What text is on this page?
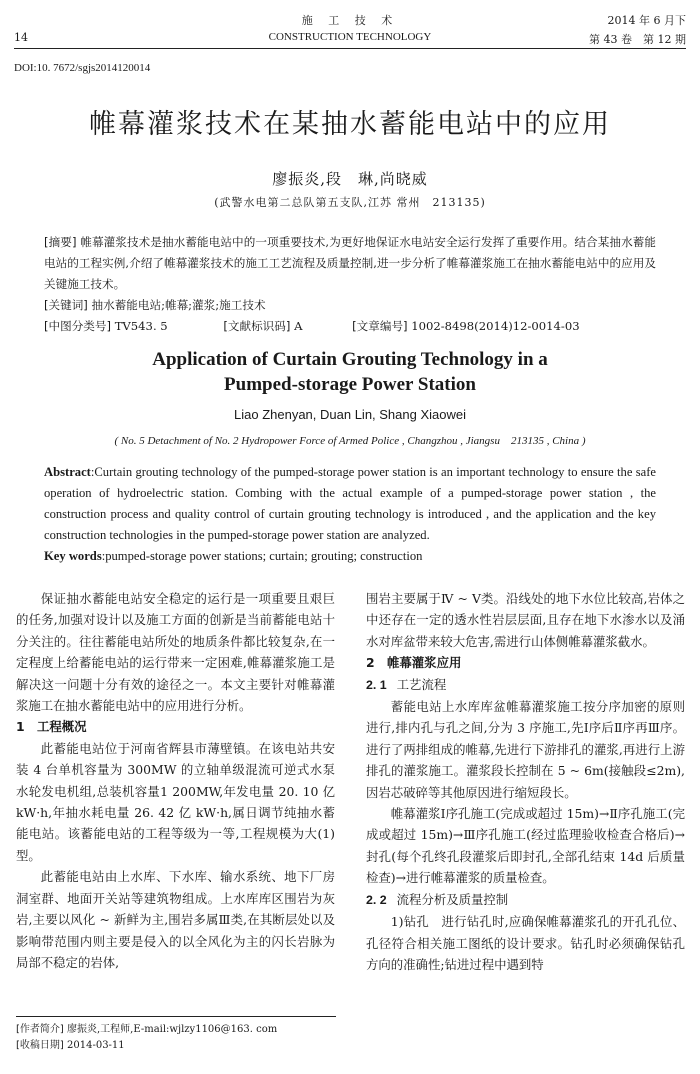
14
施 工 技 术
CONSTRUCTION TECHNOLOGY
2014 年 6 月下
第 43 卷　第 12 期
DOI:10. 7672/sgjs2014120014
帷幕灌浆技术在某抽水蓄能电站中的应用
廖振炎,段　琳,尚晓威
(武警水电第二总队第五支队,江苏 常州　213135)
[摘要] 帷幕灌浆技术是抽水蓄能电站中的一项重要技术,为更好地保证水电站安全运行发挥了重要作用。结合某抽水蓄能电站的工程实例,介绍了帷幕灌浆技术的施工工艺流程及质量控制,进一步分析了帷幕灌浆施工在抽水蓄能电站中的应用及关键施工技术。
[关键词] 抽水蓄能电站;帷幕;灌浆;施工技术
[中图分类号] TV543. 5	[文献标识码] A	[文章编号] 1002-8498(2014)12-0014-03
Application of Curtain Grouting Technology in a
Pumped-storage Power Station
Liao Zhenyan, Duan Lin, Shang Xiaowei
( No. 5 Detachment of No. 2 Hydropower Force of Armed Police , Changzhou , Jiangsu　213135 , China )
Abstract:Curtain grouting technology of the pumped-storage power station is an important technology to ensure the safe operation of hydroelectric station. Combing with the actual example of a pumped-storage power station , the construction process and quality control of curtain grouting technology is introduced , and the application and the key construction technologies in the pumped-storage power station are analyzed.
Key words:pumped-storage power stations; curtain; grouting; construction

保证抽水蓄能电站安全稳定的运行是一项重要且艰巨的任务,加强对设计以及施工方面的创新是当前蓄能电站十分关注的。往往蓄能电站所处的地质条件都比较复杂,在一定程度上给蓄能电站的运行带来一定困难,帷幕灌浆施工是解决这一问题十分有效的途径之一。本文主要针对帷幕灌浆施工在抽水蓄能电站中的应用进行分析。

1　工程概况

此蓄能电站位于河南省辉县市薄壁镇。在该电站共安装 4 台单机容量为 300MW 的立轴单级混流可逆式水泵水轮发电机组,总装机容量1 200MW,年发电量 20. 10 亿 kW·h,年抽水耗电量 26. 42 亿 kW·h,属日调节纯抽水蓄能电站。该蓄能电站的工程等级为一等,工程规模为大(1)型。

此蓄能电站由上水库、下水库、输水系统、地下厂房洞室群、地面开关站等建筑物组成。上水库库区围岩为灰岩,主要以风化 ~ 新鲜为主,围岩多属Ⅲ类,在其断层处以及影响带范围内则主要是侵入的以全风化为主的闪长岩脉为局部不稳定的岩体,

围岩主要属于Ⅳ ~ Ⅴ类。沿线处的地下水位比较高,岩体之中还存在一定的透水性岩层层面,且存在地下水渗水以及涌水对库盆带来较大危害,需进行山体侧帷幕灌浆截水。

2　帷幕灌浆应用
2. 1 工艺流程

蓄能电站上水库库盆帷幕灌浆施工按分序加密的原则进行,排内孔与孔之间,分为 3 序施工,先Ⅰ序后Ⅱ序再Ⅲ序。进行了两排组成的帷幕,先进行下游排孔的灌浆,再进行上游排孔的灌浆施工。灌浆段长控制在 5 ~ 6m(接触段≤2m),因岩芯破碎等其他原因进行缩短段长。

帷幕灌浆Ⅰ序孔施工(完成或超过 15m)→Ⅱ序孔施工(完成或超过 15m)→Ⅲ序孔施工(经过监理验收检查合格后)→封孔(每个孔终孔段灌浆后即封孔,全部孔结束 14d 后质量检查)→进行帷幕灌浆的质量检查。

2. 2 流程分析及质量控制

1)钻孔　进行钻孔时,应确保帷幕灌浆孔的开孔孔位、孔径符合相关施工图纸的设计要求。钻孔时必须确保钻孔方向的准确性;钻进过程中遇到特

[作者简介] 廖振炎,工程师,E-mail:wjlzy1106@163. com
[收稿日期] 2014-03-11
